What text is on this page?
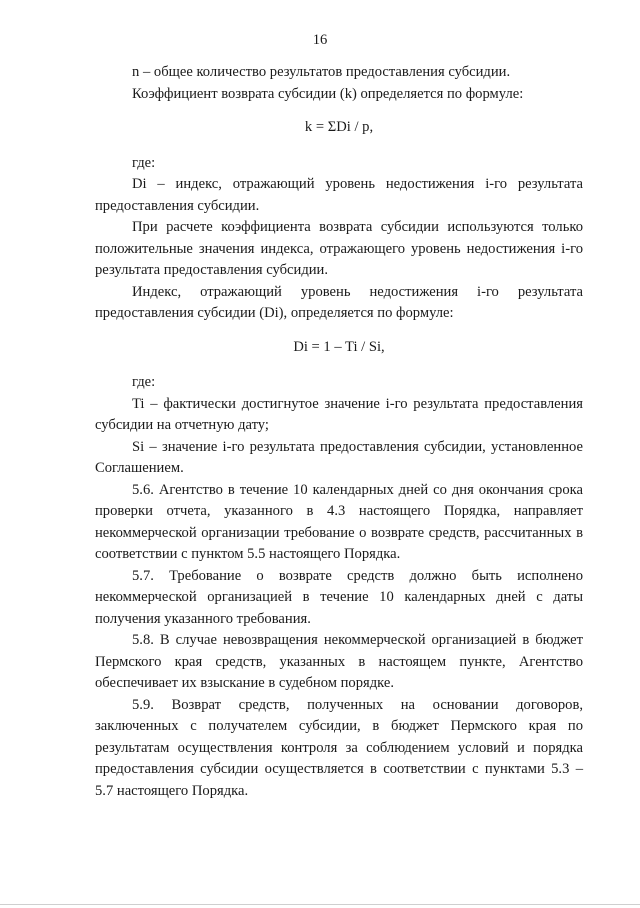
16

n – общее количество результатов предоставления субсидии.

Коэффициент возврата субсидии (k) определяется по формуле:

k = ΣDi / p,

где:

Di – индекс, отражающий уровень недостижения i-го результата предоставления субсидии.

При расчете коэффициента возврата субсидии используются только положительные значения индекса, отражающего уровень недостижения i-го результата предоставления субсидии.

Индекс, отражающий уровень недостижения i-го результата предоставления субсидии (Di), определяется по формуле:

Di = 1 – Ti / Si,

где:

Ti – фактически достигнутое значение i-го результата предоставления субсидии на отчетную дату;

Si – значение i-го результата предоставления субсидии, установленное Соглашением.

5.6. Агентство в течение 10 календарных дней со дня окончания срока проверки отчета, указанного в 4.3 настоящего Порядка, направляет некоммерческой организации требование о возврате средств, рассчитанных в соответствии с пунктом 5.5 настоящего Порядка.

5.7. Требование о возврате средств должно быть исполнено некоммерческой организацией в течение 10 календарных дней с даты получения указанного требования.

5.8. В случае невозвращения некоммерческой организацией в бюджет Пермского края средств, указанных в настоящем пункте, Агентство обеспечивает их взыскание в судебном порядке.

5.9. Возврат средств, полученных на основании договоров, заключенных с получателем субсидии, в бюджет Пермского края по результатам осуществления контроля за соблюдением условий и порядка предоставления субсидии осуществляется в соответствии с пунктами 5.3 – 5.7 настоящего Порядка.
